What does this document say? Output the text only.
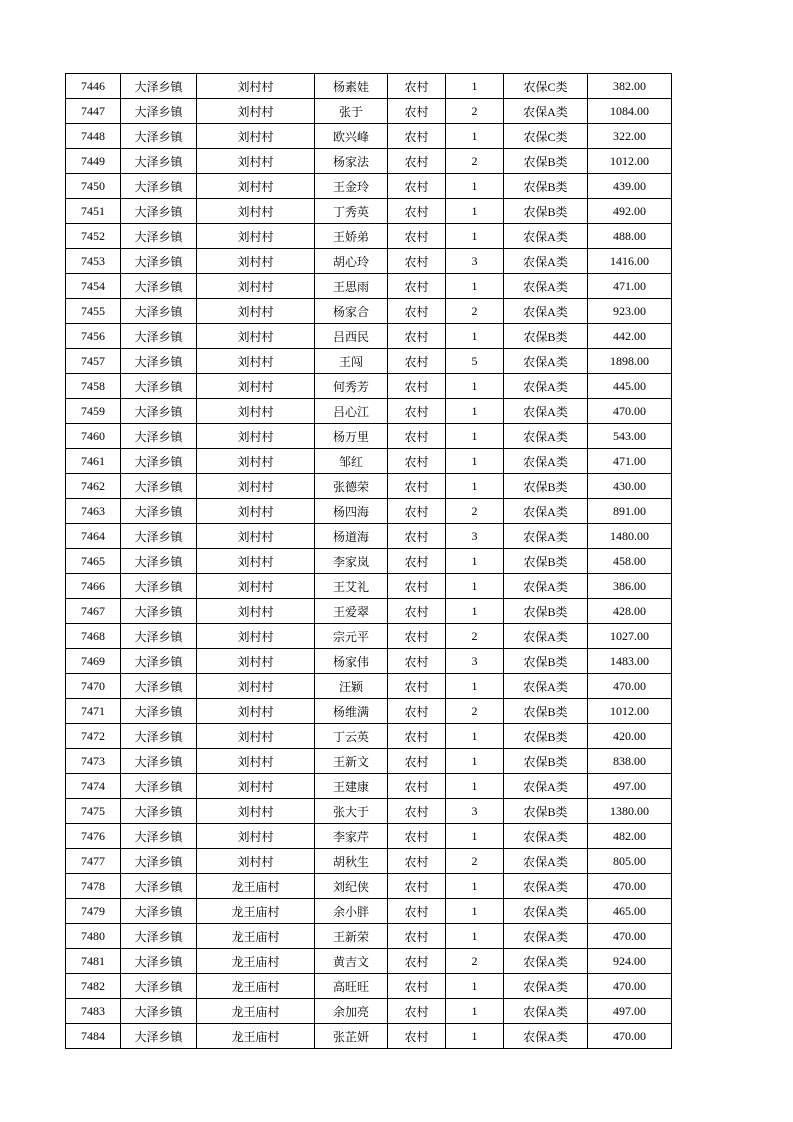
7446	大泽乡镇	刘村村	杨素娃	农村	1	农保C类	382.00
7447	大泽乡镇	刘村村	张于	农村	2	农保A类	1084.00
7448	大泽乡镇	刘村村	欧兴峰	农村	1	农保C类	322.00
7449	大泽乡镇	刘村村	杨家法	农村	2	农保B类	1012.00
7450	大泽乡镇	刘村村	王金玲	农村	1	农保B类	439.00
7451	大泽乡镇	刘村村	丁秀英	农村	1	农保B类	492.00
7452	大泽乡镇	刘村村	王娇弟	农村	1	农保A类	488.00
7453	大泽乡镇	刘村村	胡心玲	农村	3	农保A类	1416.00
7454	大泽乡镇	刘村村	王思雨	农村	1	农保A类	471.00
7455	大泽乡镇	刘村村	杨家合	农村	2	农保A类	923.00
7456	大泽乡镇	刘村村	吕西民	农村	1	农保B类	442.00
7457	大泽乡镇	刘村村	王闯	农村	5	农保A类	1898.00
7458	大泽乡镇	刘村村	何秀芳	农村	1	农保A类	445.00
7459	大泽乡镇	刘村村	吕心江	农村	1	农保A类	470.00
7460	大泽乡镇	刘村村	杨万里	农村	1	农保A类	543.00
7461	大泽乡镇	刘村村	邹红	农村	1	农保A类	471.00
7462	大泽乡镇	刘村村	张德荣	农村	1	农保B类	430.00
7463	大泽乡镇	刘村村	杨四海	农村	2	农保A类	891.00
7464	大泽乡镇	刘村村	杨道海	农村	3	农保A类	1480.00
7465	大泽乡镇	刘村村	李家岚	农村	1	农保B类	458.00
7466	大泽乡镇	刘村村	王艾礼	农村	1	农保A类	386.00
7467	大泽乡镇	刘村村	王爱翠	农村	1	农保B类	428.00
7468	大泽乡镇	刘村村	宗元平	农村	2	农保A类	1027.00
7469	大泽乡镇	刘村村	杨家伟	农村	3	农保B类	1483.00
7470	大泽乡镇	刘村村	汪颖	农村	1	农保A类	470.00
7471	大泽乡镇	刘村村	杨维满	农村	2	农保B类	1012.00
7472	大泽乡镇	刘村村	丁云英	农村	1	农保B类	420.00
7473	大泽乡镇	刘村村	王新文	农村	1	农保B类	838.00
7474	大泽乡镇	刘村村	王建康	农村	1	农保A类	497.00
7475	大泽乡镇	刘村村	张大于	农村	3	农保B类	1380.00
7476	大泽乡镇	刘村村	李家芹	农村	1	农保A类	482.00
7477	大泽乡镇	刘村村	胡秋生	农村	2	农保A类	805.00
7478	大泽乡镇	龙王庙村	刘纪侠	农村	1	农保A类	470.00
7479	大泽乡镇	龙王庙村	余小胖	农村	1	农保A类	465.00
7480	大泽乡镇	龙王庙村	王新荣	农村	1	农保A类	470.00
7481	大泽乡镇	龙王庙村	黄吉文	农村	2	农保A类	924.00
7482	大泽乡镇	龙王庙村	高旺旺	农村	1	农保A类	470.00
7483	大泽乡镇	龙王庙村	余加亮	农村	1	农保A类	497.00
7484	大泽乡镇	龙王庙村	张芷妍	农村	1	农保A类	470.00
